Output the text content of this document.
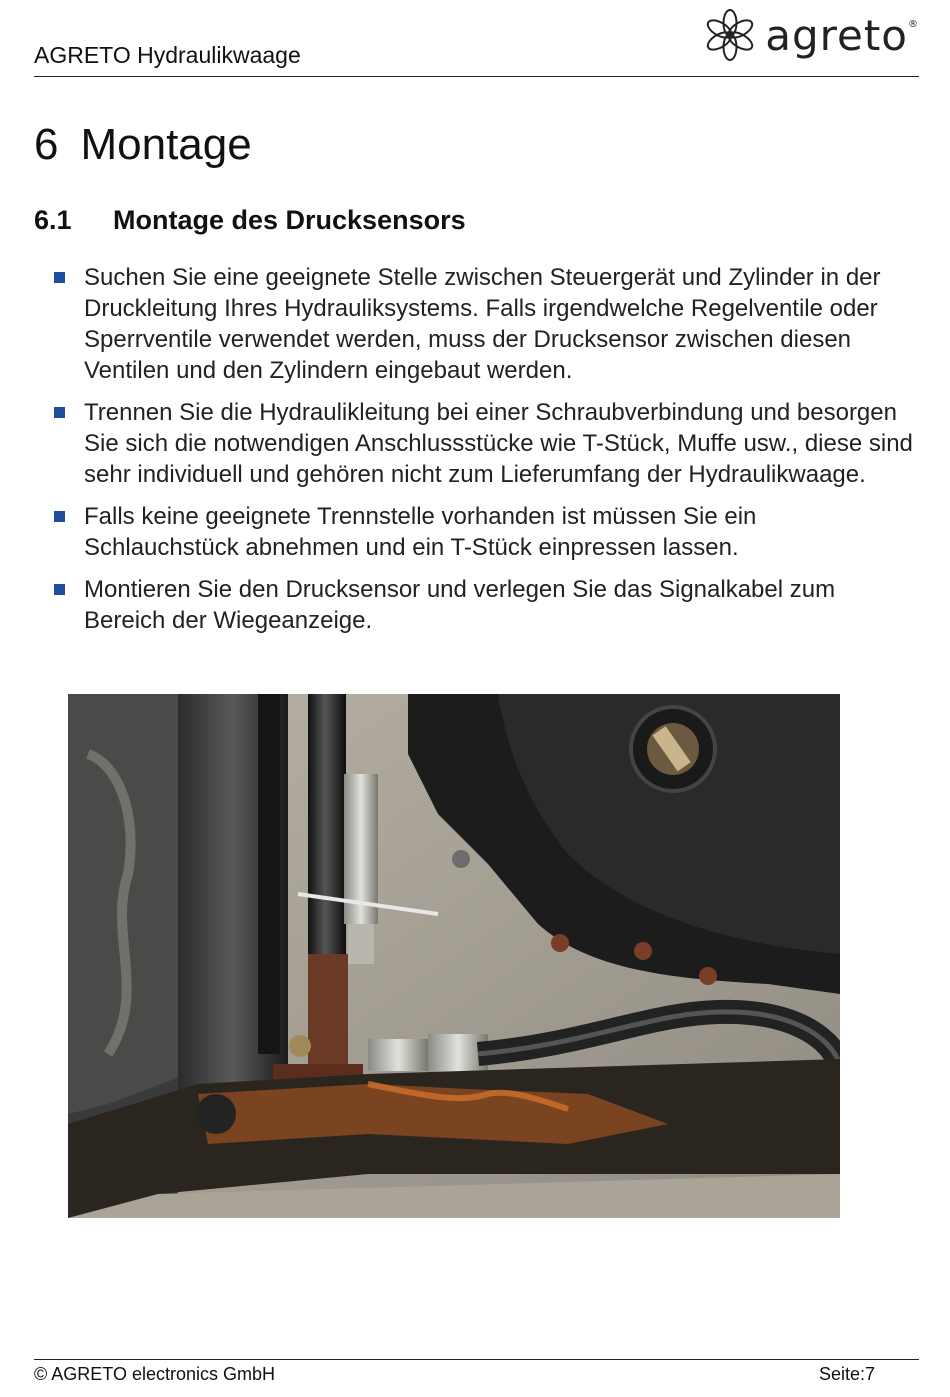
AGRETO Hydraulikwaage	agreto®
6 Montage
6.1	Montage des Drucksensors
Suchen Sie eine geeignete Stelle zwischen Steuergerät und Zylinder in der Druckleitung Ihres Hydrauliksystems. Falls irgendwelche Regelventile oder Sperrventile verwendet werden, muss der Drucksensor zwischen diesen Ventilen und den Zylindern eingebaut werden.
Trennen Sie die Hydraulikleitung bei einer Schraubverbindung und besorgen Sie sich die notwendigen Anschlussstücke wie T-Stück, Muffe usw., diese sind sehr individuell und gehören nicht zum Lieferumfang der Hydraulikwaage.
Falls keine geeignete Trennstelle vorhanden ist müssen Sie ein Schlauchstück abnehmen und ein T-Stück einpressen lassen.
Montieren Sie den Drucksensor und verlegen Sie das Signalkabel zum Bereich der Wiegeanzeige.
© AGRETO electronics GmbH	Seite:7
